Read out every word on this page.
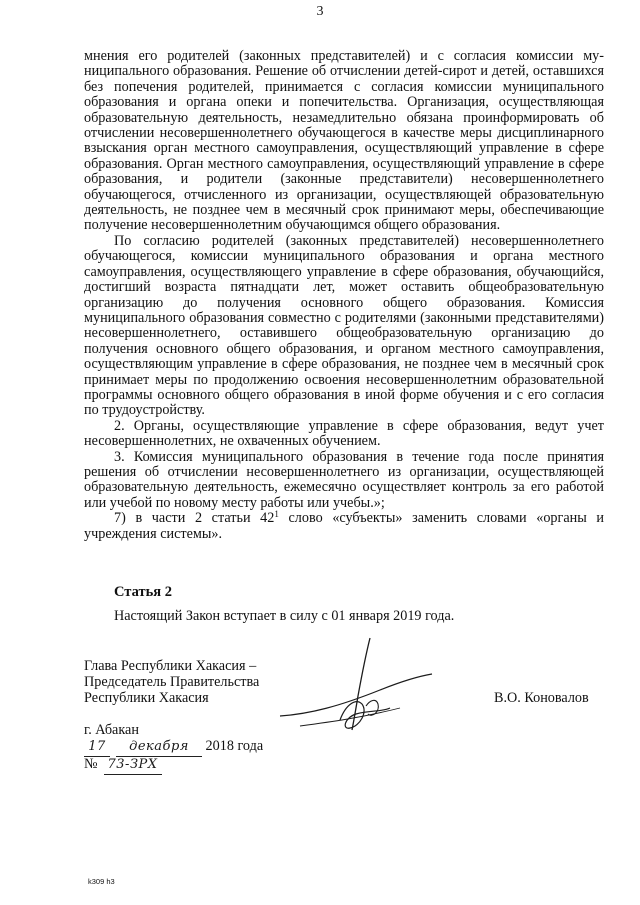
3

мнения его родителей (законных представителей) и с согласия комиссии муниципального образования. Решение об отчислении детей-сирот и детей, оставшихся без попечения родителей, принимается с согласия комиссии муниципального образования и органа опеки и попечительства. Организация, осуществляющая образовательную деятельность, незамедлительно обязана проинформировать об отчислении несовершеннолетнего обучающегося в качестве меры дисциплинарного взыскания орган местного самоуправления, осуществляющий управление в сфере образования. Орган местного самоуправления, осуществляющий управление в сфере образования, и родители (законные представители) несовершеннолетнего обучающегося, отчисленного из организации, осуществляющей образовательную деятельность, не позднее чем в месячный срок принимают меры, обеспечивающие получение несовершеннолетним обучающимся общего образования.

По согласию родителей (законных представителей) несовершеннолетнего обучающегося, комиссии муниципального образования и органа местного самоуправления, осуществляющего управление в сфере образования, обучающийся, достигший возраста пятнадцати лет, может оставить общеобразовательную организацию до получения основного общего образования. Комиссия муниципального образования совместно с родителями (законными представителями) несовершеннолетнего, оставившего общеобразовательную организацию до получения основного общего образования, и органом местного самоуправления, осуществляющим управление в сфере образования, не позднее чем в месячный срок принимает меры по продолжению освоения несовершеннолетним образовательной программы основного общего образования в иной форме обучения и с его согласия по трудоустройству.

2. Органы, осуществляющие управление в сфере образования, ведут учет несовершеннолетних, не охваченных обучением.

3. Комиссия муниципального образования в течение года после принятия решения об отчислении несовершеннолетнего из организации, осуществляющей образовательную деятельность, ежемесячно осуществляет контроль за его работой или учебой по новому месту работы или учебы.»;

7) в части 2 статьи $42^1$ слово «субъекты» заменить словами «органы и учреждения системы».

Статья 2
Настоящий Закон вступает в силу с 01 января 2019 года.
Глава Республики Хакасия –
Председатель Правительства
Республики Хакасия	В.О. Коновалов
г. Абакан
17 декабря 2018 года
№ 73-ЗРХ
k309 h3
